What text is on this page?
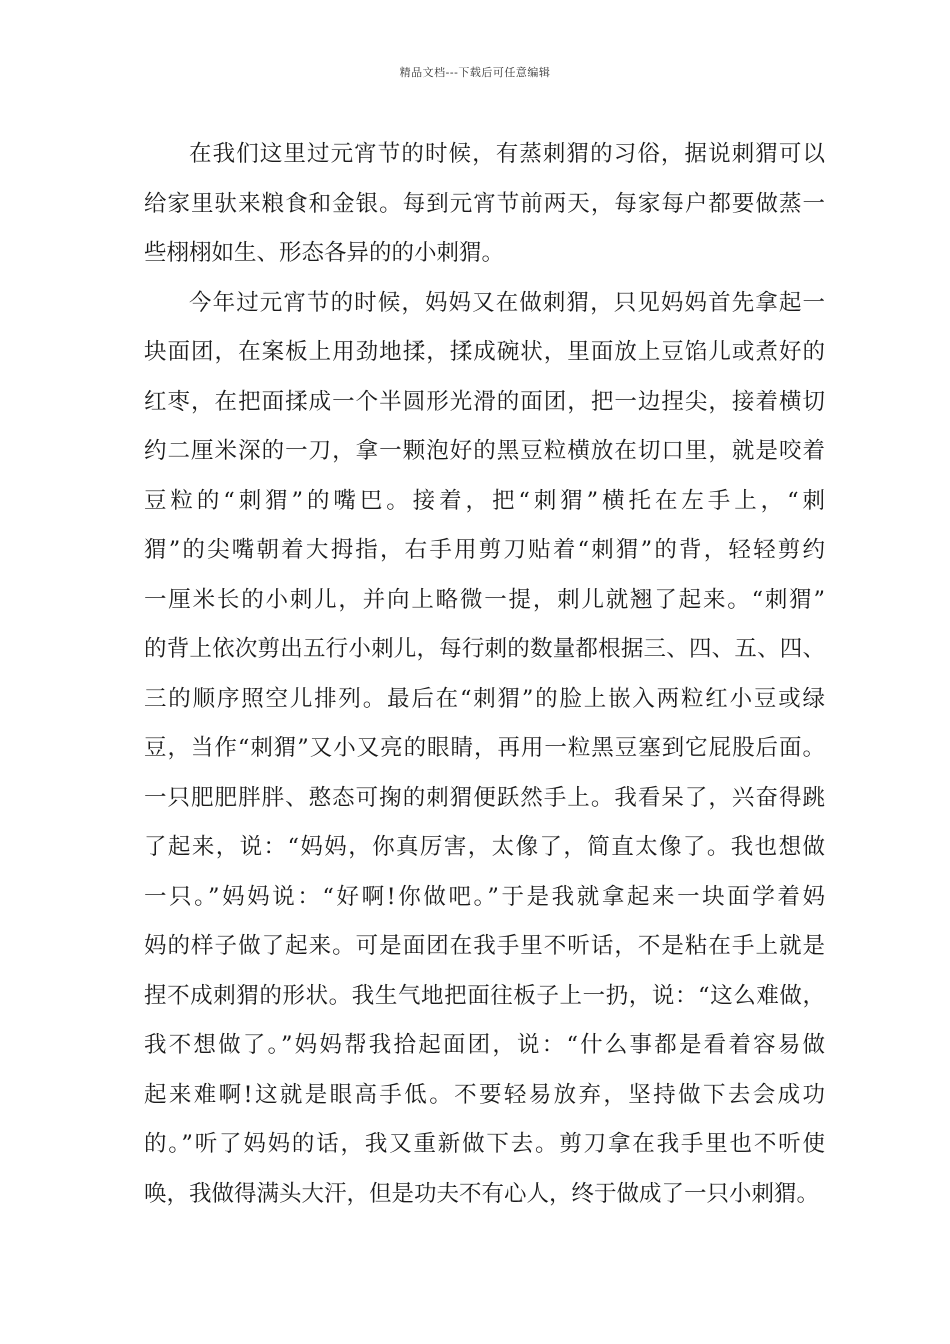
精品文档---下载后可任意编辑
在我们这里过元宵节的时候，有蒸刺猬的习俗，据说刺猬可以
给家里驮来粮食和金银。每到元宵节前两天，每家每户都要做蒸一
些栩栩如生、形态各异的的小刺猬。
今年过元宵节的时候，妈妈又在做刺猬，只见妈妈首先拿起一
块面团，在案板上用劲地揉，揉成碗状，里面放上豆馅儿或煮好的
红枣，在把面揉成一个半圆形光滑的面团，把一边捏尖，接着横切
约二厘米深的一刀，拿一颗泡好的黑豆粒横放在切口里，就是咬着
豆粒的“刺猬”的嘴巴。接着，把“刺猬”横托在左手上，“刺
猬”的尖嘴朝着大拇指，右手用剪刀贴着“刺猬”的背，轻轻剪约
一厘米长的小刺儿，并向上略微一提，刺儿就翘了起来。“刺猬”
的背上依次剪出五行小刺儿，每行刺的数量都根据三、四、五、四、
三的顺序照空儿排列。最后在“刺猬”的脸上嵌入两粒红小豆或绿
豆，当作“刺猬”又小又亮的眼睛，再用一粒黑豆塞到它屁股后面。
一只肥肥胖胖、憨态可掬的刺猬便跃然手上。我看呆了，兴奋得跳
了起来，说：“妈妈，你真厉害，太像了，简直太像了。我也想做
一只。”妈妈说：“好啊!你做吧。”于是我就拿起来一块面学着妈
妈的样子做了起来。可是面团在我手里不听话，不是粘在手上就是
捏不成刺猬的形状。我生气地把面往板子上一扔，说：“这么难做，
我不想做了。”妈妈帮我拾起面团，说：“什么事都是看着容易做
起来难啊!这就是眼高手低。不要轻易放弃，坚持做下去会成功
的。”听了妈妈的话，我又重新做下去。剪刀拿在我手里也不听使
唤，我做得满头大汗，但是功夫不有心人，终于做成了一只小刺猬。
